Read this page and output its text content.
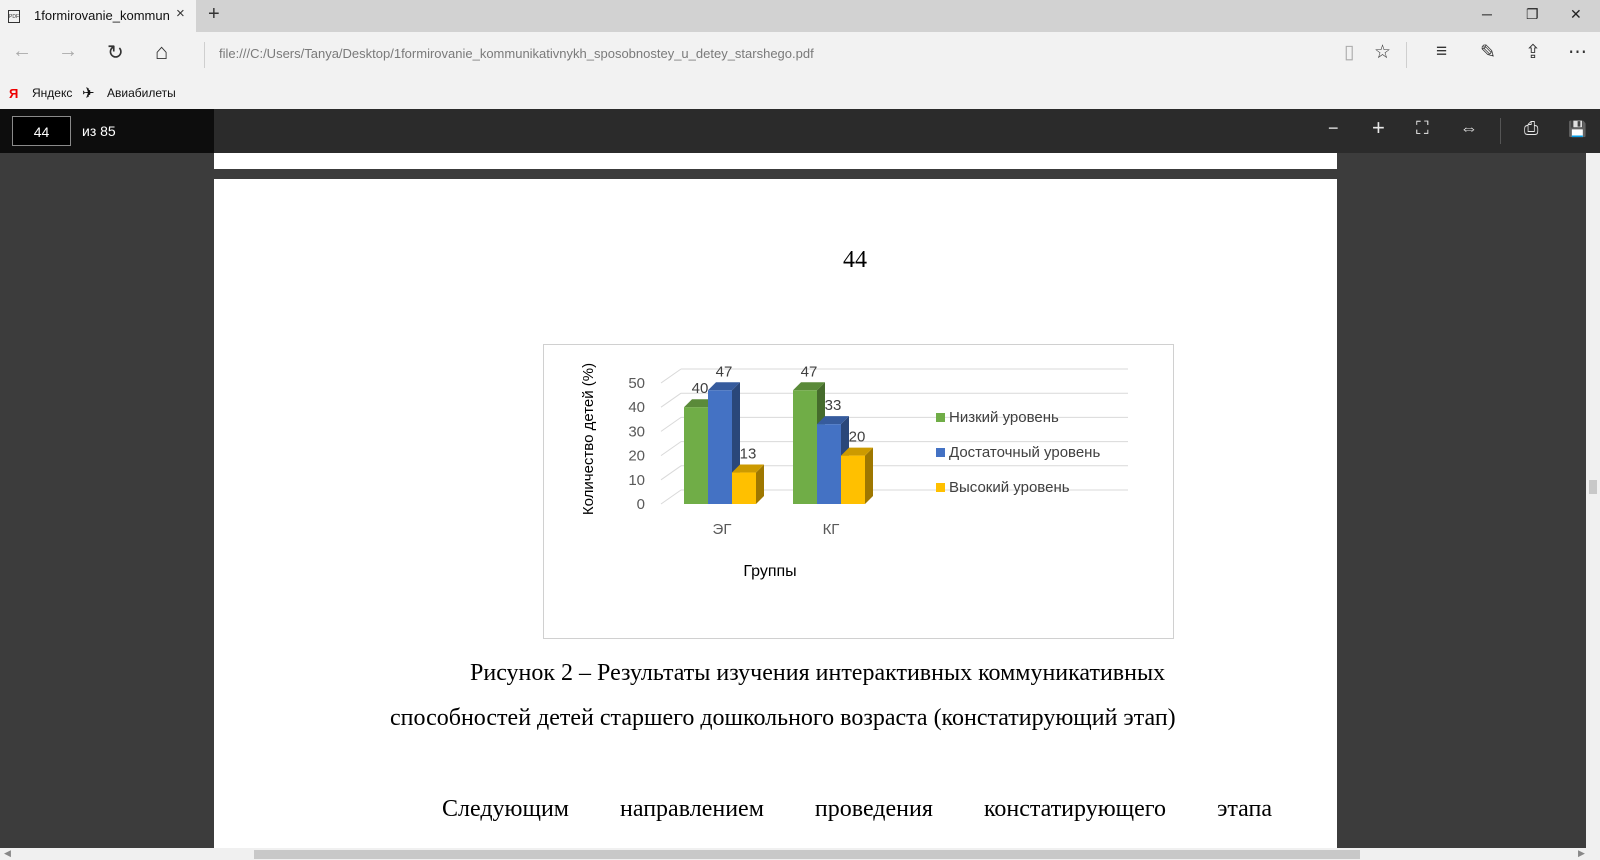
PDF 1formirovanie_kommun × +	─ ❐ ✕
← → ↻ ⌂	file:///C:/Users/Tanya/Desktop/1formirovanie_kommunikativnykh_sposobnostey_u_detey_starshego.pdf	▯ ☆ ≡ ✎ ⇪ ⋯
Я Яндекс ✈ Авиабилеты
44	из 85	− + ⛶ ⇔	⎙ 💾
44
0
10
20
30
40
50
Количество детей (%)	40
47
13
ЭГ
47
33
20
КГ
Группы
Низкий уровень
Достаточный уровень
Высокий уровень
Рисунок 2 – Результаты изучения интерактивных коммуникативных
способностей детей старшего дошкольного возраста (констатирующий этап)
Следующим направлением проведения констатирующего этапа
◀	▶
